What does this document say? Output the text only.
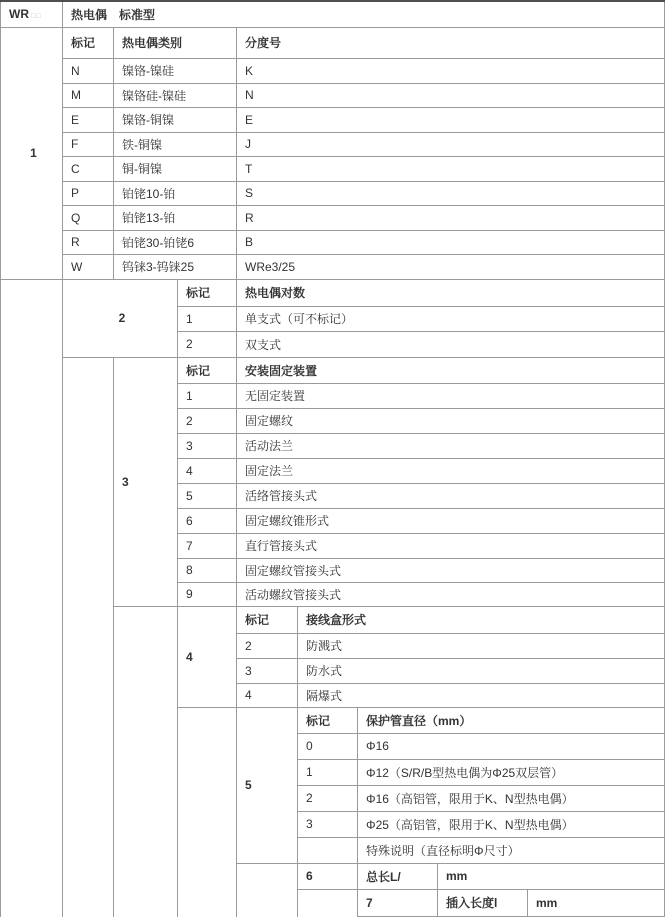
WR □□	热电偶　标准型							
1	标记	热电偶类别		分度号				
	N	镍铬-镍硅		K				
	M	镍铬硅-镍硅		N				
	E	镍铬-铜镍		E				
	F	铁-铜镍		J				
	C	铜-铜镍		T				
	P	铂铑10-铂		S				
	Q	铂铑13-铂		R				
	R	铂铑30-铂铑6		B				
	W	钨铼3-钨铼25		WRe3/25				
	2		标记	热电偶对数				
			1	单支式（可不标记）				
			2	双支式				
		3	标记	安装固定装置				
			1	无固定装置				
			2	固定螺纹				
			3	活动法兰				
			4	固定法兰				
			5	活络管接头式				
			6	固定螺纹锥形式				
			7	直行管接头式				
			8	固定螺纹管接头式				
			9	活动螺纹管接头式				
			4	标记	接线盒形式			
				2	防溅式			
				3	防水式			
				4	隔爆式			
				5	标记	保护管直径（mm）		
					0	Φ16		
					1	Φ12（S/R/B型热电偶为Φ25双层管）		
					2	Φ16（高铝管，限用于K、N型热电偶）		
					3	Φ25（高铝管，限用于K、N型热电偶）		
						特殊说明（直径标明Φ尺寸）		
					6	总长L/	mm	
						7	插入长度l	mm
